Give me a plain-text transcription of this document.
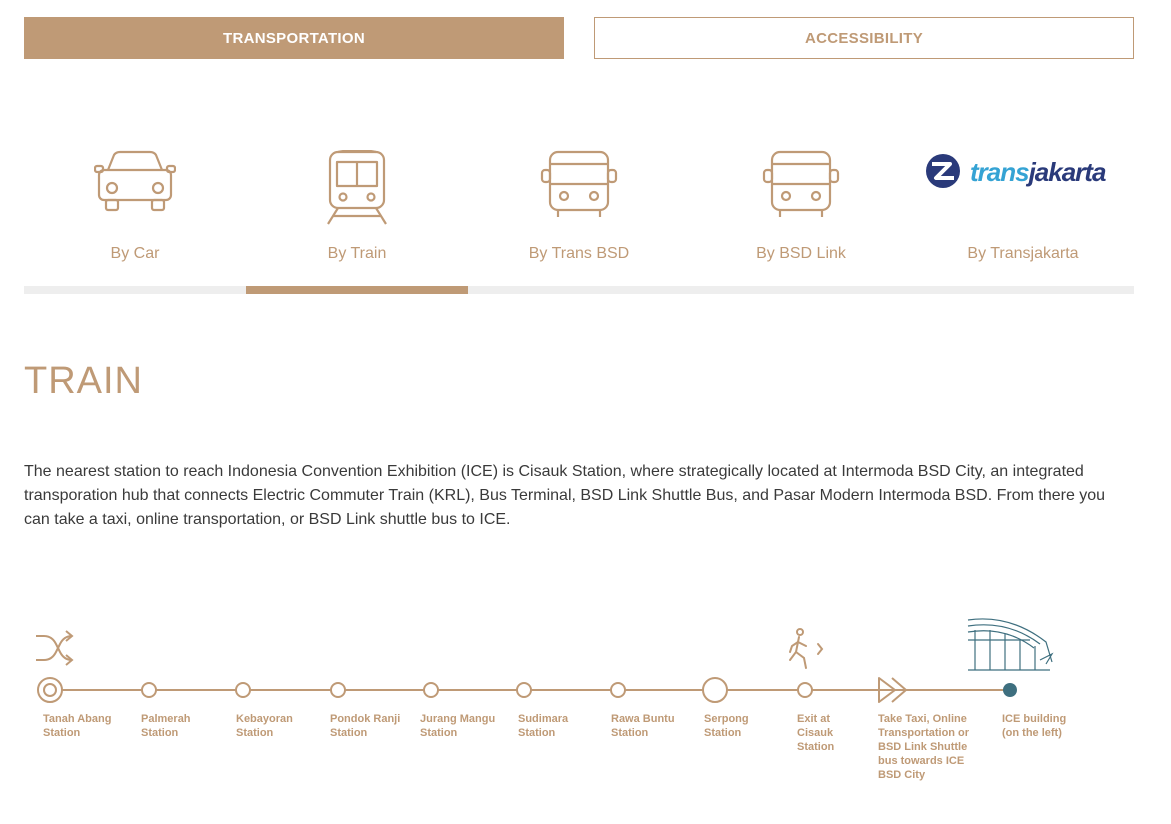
TRANSPORTATION	ACCESSIBILITY
By Car	By Train	By Trans BSD	By BSD Link
transjakarta
By Transjakarta
TRAIN

The nearest station to reach Indonesia Convention Exhibition (ICE) is Cisauk Station, where strategically located at Intermoda BSD City, an integrated transporation hub that connects Electric Commuter Train (KRL), Bus Terminal, BSD Link Shuttle Bus, and Pasar Modern Intermoda BSD. From there you can take a taxi, online transportation, or BSD Link shuttle bus to ICE.

Tanah Abang
Station
Palmerah
Station
Kebayoran
Station
Pondok Ranji
Station
Jurang Mangu
Station
Sudimara
Station
Rawa Buntu
Station
Serpong
Station
Exit at
Cisauk
Station
Take Taxi, Online
Transportation or
BSD Link Shuttle
bus towards ICE
BSD City
ICE building
(on the left)
